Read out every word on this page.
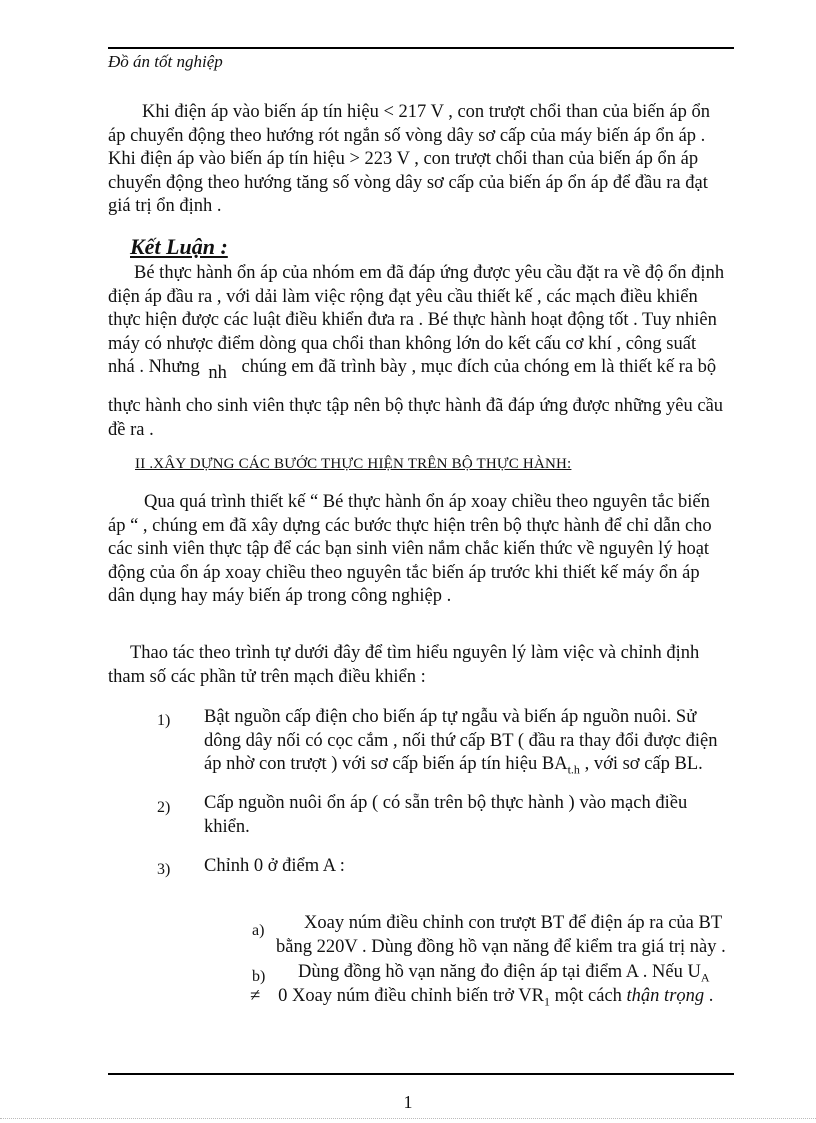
Đồ án tốt nghiệp
Khi điện áp vào biến áp tín hiệu < 217 V , con trượt chổi than của biến áp ổn
áp chuyển động theo hướng rót ngắn số vòng dây sơ cấp của máy biến áp ổn áp .
Khi điện áp vào biến áp tín hiệu > 223 V , con trượt chổi than của biến áp ổn áp
chuyển động theo hướng tăng số vòng dây sơ cấp của biến áp ổn áp để đầu ra đạt
giá trị ổn định .
Kết Luận :
Bé thực hành ổn áp của nhóm em đã đáp ứng được yêu cầu đặt ra về độ ổn định
điện áp đầu ra , với dải làm việc rộng đạt yêu cầu thiết kế , các mạch điều khiển
thực hiện được các luật điều khiển đưa ra . Bé thực hành hoạt động tốt . Tuy nhiên
máy có nhược điểm dòng qua chổi than không lớn do kết cấu cơ khí , công suất
nhá . Nhưng nh chúng em đã trình bày , mục đích của chóng em là thiết kế ra bộ
thực hành cho sinh viên thực tập nên bộ thực hành đã đáp ứng được những yêu cầu
đề ra .
II .XÂY DỰNG CÁC BƯỚC THỰC HIỆN TRÊN BỘ THỰC HÀNH:
Qua quá trình thiết kế “ Bé thực hành ổn áp xoay chiều theo nguyên tắc biến
áp “ , chúng em đã xây dựng các bước thực hiện trên bộ thực hành để chỉ dẫn cho
các sinh viên thực tập để các bạn sinh viên nắm chắc kiến thức về nguyên lý hoạt
động của ổn áp xoay chiều theo nguyên tắc biến áp trước khi thiết kế máy ổn áp
dân dụng hay máy biến áp trong công nghiệp .
Thao tác theo trình tự dưới đây để tìm hiểu nguyên lý làm việc và chỉnh định
tham số các phần tử trên mạch điều khiển :
1) Bật nguồn cấp điện cho biến áp tự ngẫu và biến áp nguồn nuôi. Sử
dông dây nối có cọc cắm , nối thứ cấp BT ( đầu ra thay đổi được điện
áp nhờ con trượt ) với sơ cấp biến áp tín hiệu $BA_{t.h}$ , với sơ cấp BL.
2) Cấp nguồn nuôi ổn áp ( có sẵn trên bộ thực hành ) vào mạch điều
khiển.
3) Chỉnh 0 ở điểm A :
a)	Xoay núm điều chỉnh con trượt BT để điện áp ra của BT
bằng 220V . Dùng đồng hồ vạn năng để kiểm tra giá trị này .
b) Dùng đồng hồ vạn năng đo điện áp tại điểm A . Nếu $U_A$
≠ 0 Xoay núm điều chỉnh biến trở $VR_1$ một cách thận trọng .
1
